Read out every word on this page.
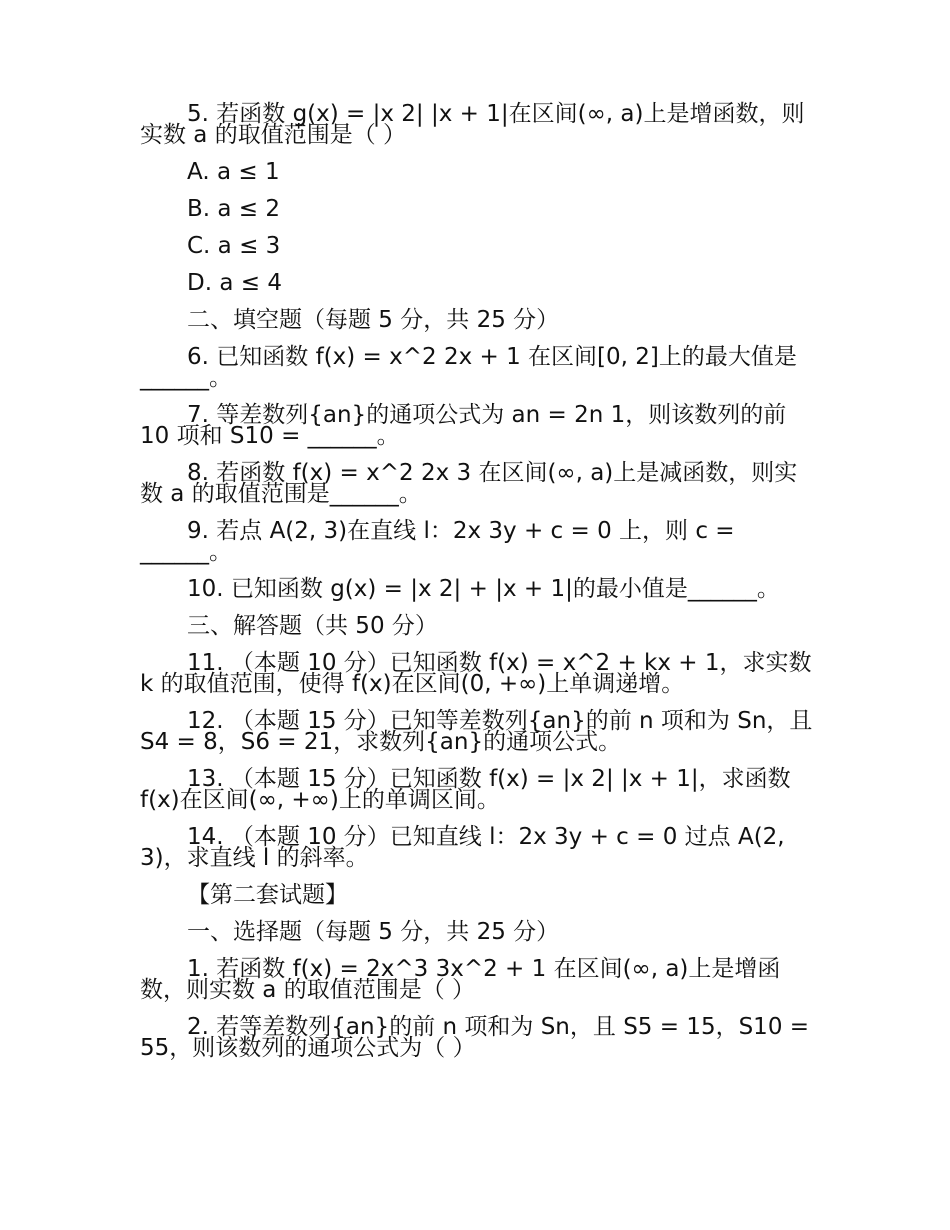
5. 若函数 g(x) = |x 2| |x + 1|在区间(∞, a)上是增函数，则实数 a 的取值范围是（ ）
A. a ≤ 1
B. a ≤ 2
C. a ≤ 3
D. a ≤ 4
二、填空题（每题 5 分，共 25 分）
6. 已知函数 f(x) = x^2 2x + 1 在区间[0, 2]上的最大值是______。
7. 等差数列{an}的通项公式为 an = 2n 1，则该数列的前 10 项和 S10 = ______。
8. 若函数 f(x) = x^2 2x 3 在区间(∞, a)上是减函数，则实数 a 的取值范围是______。
9. 若点 A(2, 3)在直线 l：2x 3y + c = 0 上，则 c = ______。
10. 已知函数 g(x) = |x 2| + |x + 1|的最小值是______。
三、解答题（共 50 分）
11. （本题 10 分）已知函数 f(x) = x^2 + kx + 1，求实数 k 的取值范围，使得 f(x)在区间(0, +∞)上单调递增。
12. （本题 15 分）已知等差数列{an}的前 n 项和为 Sn，且 S4 = 8，S6 = 21，求数列{an}的通项公式。
13. （本题 15 分）已知函数 f(x) = |x 2| |x + 1|，求函数 f(x)在区间(∞, +∞)上的单调区间。
14. （本题 10 分）已知直线 l：2x 3y + c = 0 过点 A(2, 3)，求直线 l 的斜率。
【第二套试题】
一、选择题（每题 5 分，共 25 分）
1. 若函数 f(x) = 2x^3 3x^2 + 1 在区间(∞, a)上是增函数，则实数 a 的取值范围是（ ）
2. 若等差数列{an}的前 n 项和为 Sn，且 S5 = 15，S10 = 55，则该数列的通项公式为（ ）
